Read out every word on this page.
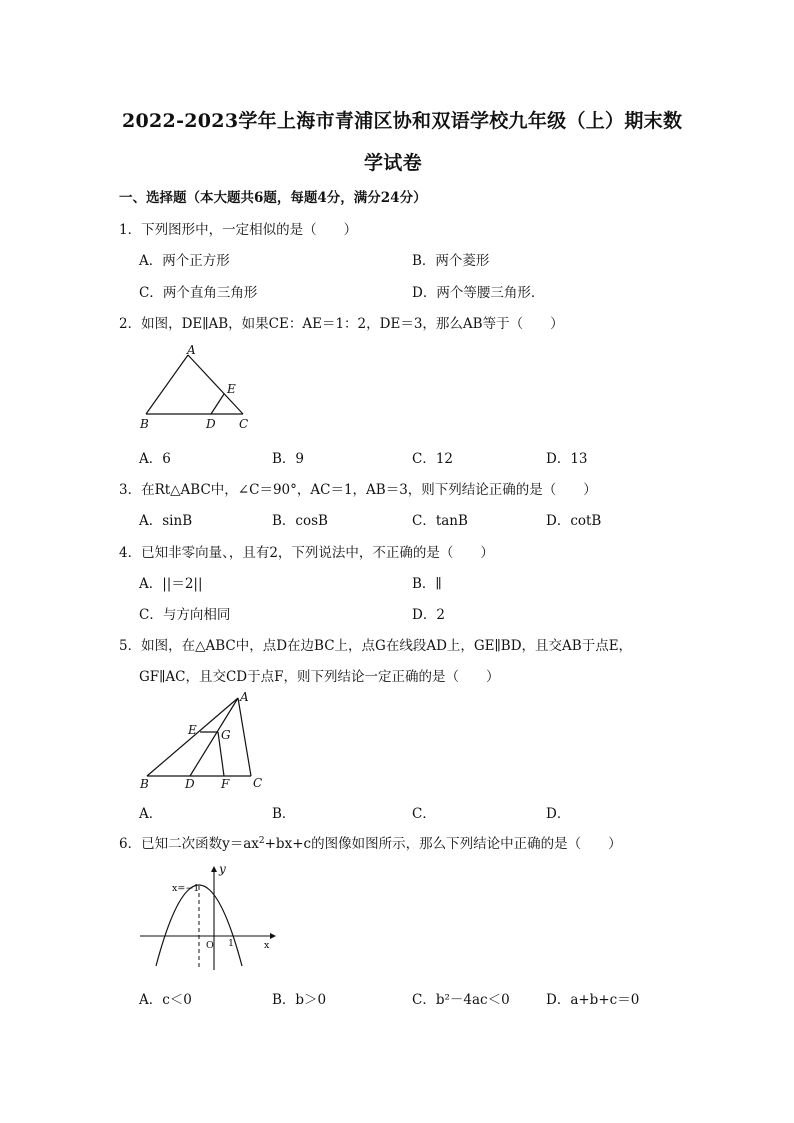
2022-2023学年上海市青浦区协和双语学校九年级（上）期末数
学试卷
一、选择题（本大题共6题，每题4分，满分24分）
1．下列图形中，一定相似的是（　　）
A．两个正方形	B．两个菱形
C．两个直角三角形	D．两个等腰三角形．
2．如图，DE∥AB，如果CE：AE＝1：2，DE＝3，那么AB等于（　　）
A
E
B	D C
A．6	B．9	C．12	D．13
3．在Rt△ABC中，∠C＝90°，AC＝1，AB＝3，则下列结论正确的是（　　）
A．sinB	B．cosB	C．tanB	D．cotB
4．已知非零向量、，且有2，下列说法中，不正确的是（　　）
A．||＝2||	B．∥
C．与方向相同	D．2
5．如图，在△ABC中，点D在边BC上，点G在线段AD上，GE∥BD，且交AB于点E，
GF∥AC，且交CD于点F，则下列结论一定正确的是（　　）
A
E G
B	D F C
A．	B．	C．	D．
6．已知二次函数$y=ax^2+bx+c$的图像如图所示，那么下列结论中正确的是（　　）
y
x=−1
O 1	x
A．c＜0	B．b＞0	C．b²－4ac＜0	D．a+b+c＝0
